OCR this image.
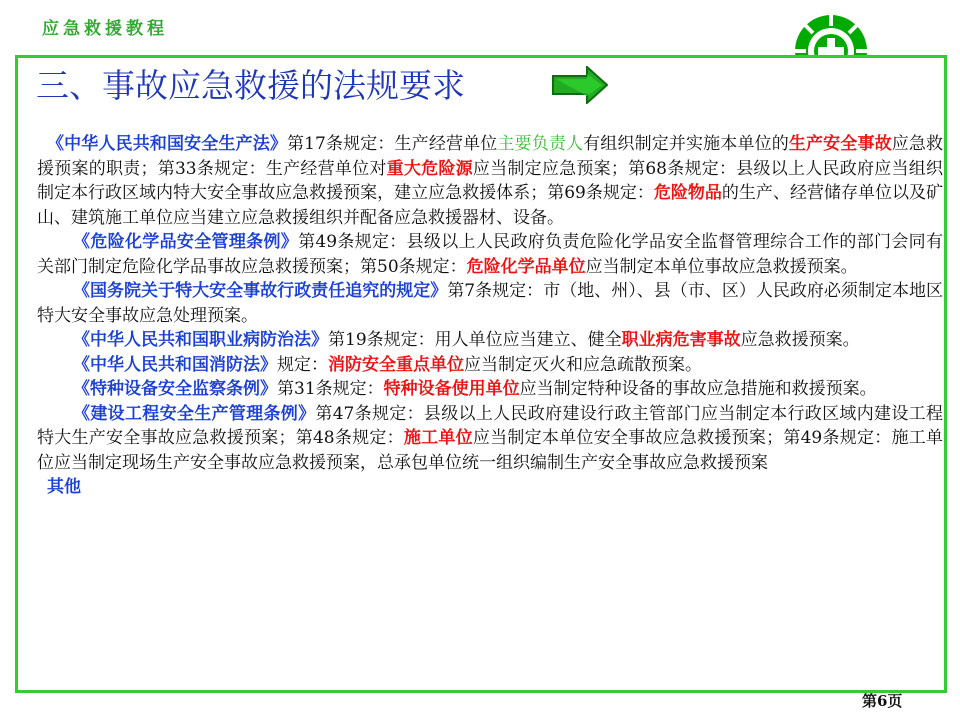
应急救援教程
三、事故应急救援的法规要求

《中华人民共和国安全生产法》第17条规定：生产经营单位主要负责人有组织制定并实施本单位的生产安全事故应急救援预案的职责；第33条规定：生产经营单位对重大危险源应当制定应急预案；第68条规定：县级以上人民政府应当组织制定本行政区域内特大安全事故应急救援预案，建立应急救援体系；第69条规定：危险物品的生产、经营储存单位以及矿山、建筑施工单位应当建立应急救援组织并配备应急救援器材、设备。

《危险化学品安全管理条例》第49条规定：县级以上人民政府负责危险化学品安全监督管理综合工作的部门会同有关部门制定危险化学品事故应急救援预案；第50条规定：危险化学品单位应当制定本单位事故应急救援预案。

《国务院关于特大安全事故行政责任追究的规定》第7条规定：市（地、州）、县（市、区）人民政府必须制定本地区特大安全事故应急处理预案。

《中华人民共和国职业病防治法》第19条规定：用人单位应当建立、健全职业病危害事故应急救援预案。

《中华人民共和国消防法》规定：消防安全重点单位应当制定灭火和应急疏散预案。

《特种设备安全监察条例》第31条规定：特种设备使用单位应当制定特种设备的事故应急措施和救援预案。

《建设工程安全生产管理条例》第47条规定：县级以上人民政府建设行政主管部门应当制定本行政区域内建设工程特大生产安全事故应急救援预案；第48条规定：施工单位应当制定本单位安全事故应急救援预案；第49条规定：施工单位应当制定现场生产安全事故应急救援预案，总承包单位统一组织编制生产安全事故应急救援预案

其他
第6页
